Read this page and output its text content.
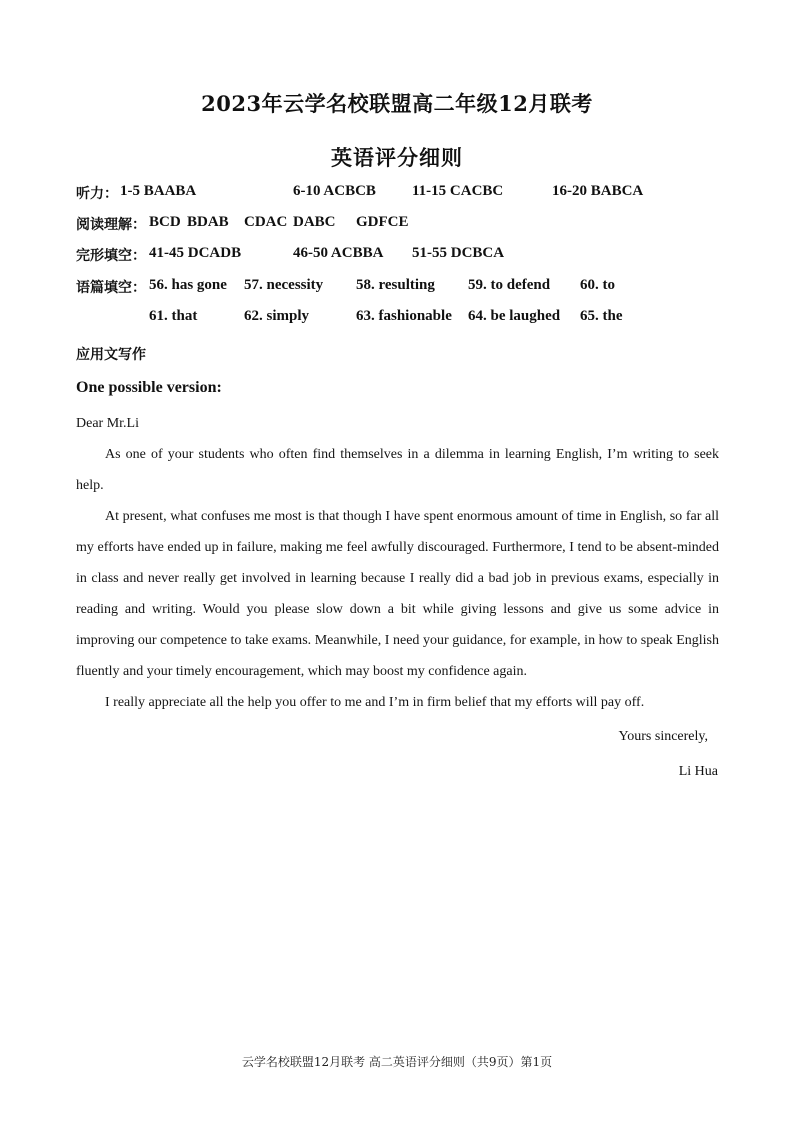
2023年云学名校联盟高二年级12月联考
英语评分细则
听力： 1-5 BAABA	6-10 ACBCB 11-15 CACBC	16-20 BABCA
阅读理解： BCD BDAB CDAC DABC GDFCE
完形填空： 41-45 DCADB	46-50 ACBBA 51-55 DCBCA
语篇填空： 56. has gone 57. necessity 58. resulting 59. to defend 60. to
61. that	62. simply	63. fashionable 64. be laughed 65. the
应用文写作
One possible version:

Dear Mr.Li

As one of your students who often find themselves in a dilemma in learning English, I’m writing to seek help.

At present, what confuses me most is that though I have spent enormous amount of time in English, so far all my efforts have ended up in failure, making me feel awfully discouraged. Furthermore, I tend to be absent-minded in class and never really get involved in learning because I really did a bad job in previous exams, especially in reading and writing. Would you please slow down a bit while giving lessons and give us some advice in improving our competence to take exams. Meanwhile, I need your guidance, for example, in how to speak English fluently and your timely encouragement, which may boost my confidence again.

I really appreciate all the help you offer to me and I’m in firm belief that my efforts will pay off.

Yours sincerely,
Li Hua
云学名校联盟12月联考 高二英语评分细则（共9页）第1页
